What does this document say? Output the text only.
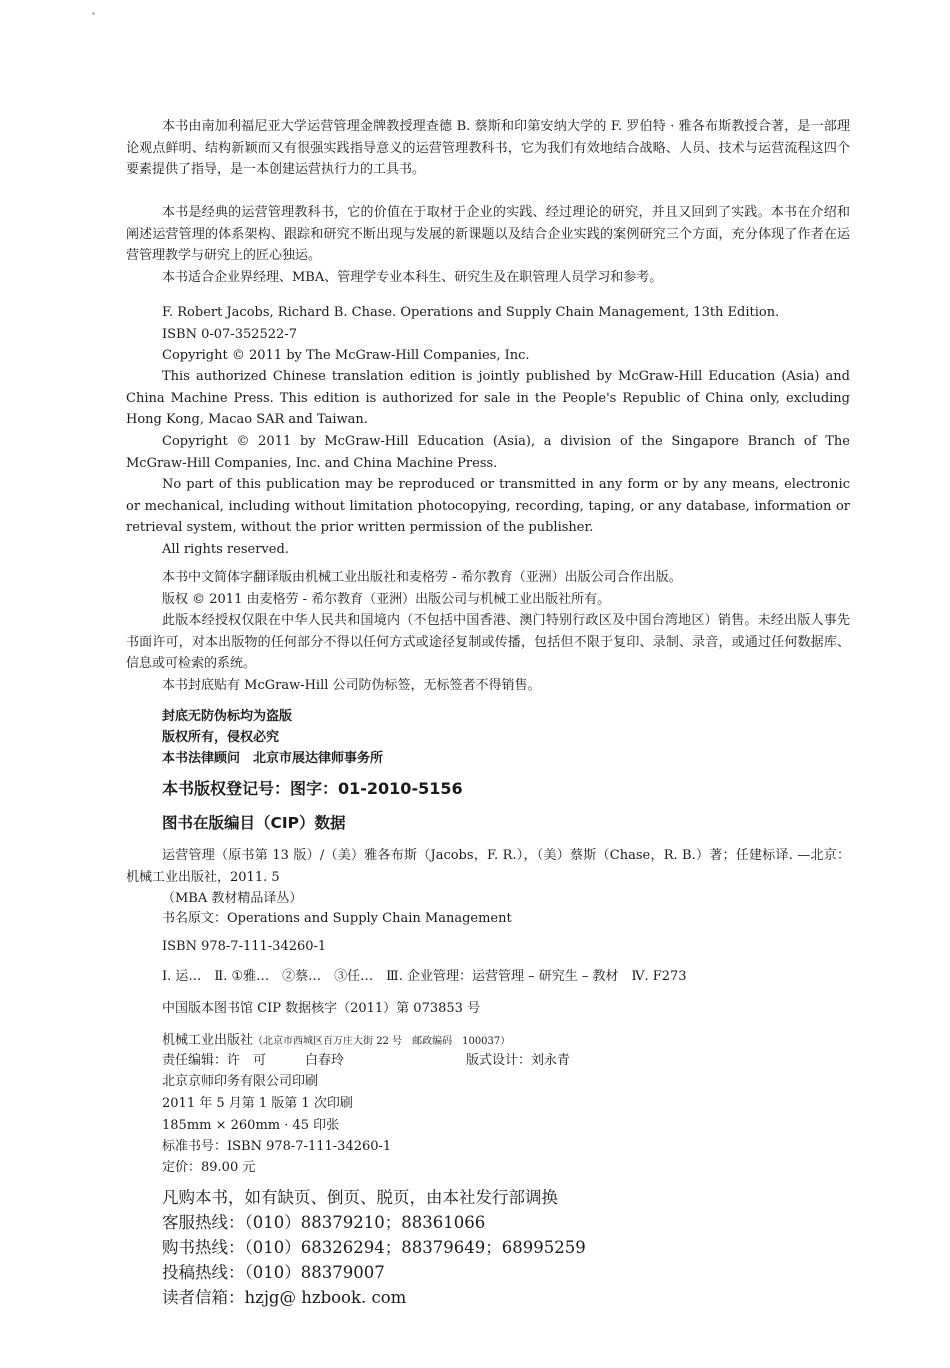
本书由南加利福尼亚大学运营管理金牌教授理查德 B. 蔡斯和印第安纳大学的 F. 罗伯特 · 雅各布斯教授合著，是一部理论观点鲜明、结构新颖而又有很强实践指导意义的运营管理教科书，它为我们有效地结合战略、人员、技术与运营流程这四个要素提供了指导，是一本创建运营执行力的工具书。
本书是经典的运营管理教科书，它的价值在于取材于企业的实践、经过理论的研究，并且又回到了实践。本书在介绍和阐述运营管理的体系架构、跟踪和研究不断出现与发展的新课题以及结合企业实践的案例研究三个方面，充分体现了作者在运营管理教学与研究上的匠心独运。
本书适合企业界经理、MBA、管理学专业本科生、研究生及在职管理人员学习和参考。
F. Robert Jacobs, Richard B. Chase. Operations and Supply Chain Management, 13th Edition.
ISBN 0-07-352522-7
Copyright © 2011 by The McGraw-Hill Companies, Inc.
This authorized Chinese translation edition is jointly published by McGraw-Hill Education (Asia) and China Machine Press. This edition is authorized for sale in the People's Republic of China only, excluding Hong Kong, Macao SAR and Taiwan.
Copyright © 2011 by McGraw-Hill Education (Asia), a division of the Singapore Branch of The McGraw-Hill Companies, Inc. and China Machine Press.
No part of this publication may be reproduced or transmitted in any form or by any means, electronic or mechanical, including without limitation photocopying, recording, taping, or any database, information or retrieval system, without the prior written permission of the publisher.
All rights reserved.
本书中文简体字翻译版由机械工业出版社和麦格劳 - 希尔教育（亚洲）出版公司合作出版。
版权 © 2011 由麦格劳 - 希尔教育（亚洲）出版公司与机械工业出版社所有。
此版本经授权仅限在中华人民共和国境内（不包括中国香港、澳门特别行政区及中国台湾地区）销售。未经出版人事先书面许可，对本出版物的任何部分不得以任何方式或途径复制或传播，包括但不限于复印、录制、录音，或通过任何数据库、信息或可检索的系统。
本书封底贴有 McGraw-Hill 公司防伪标签，无标签者不得销售。
封底无防伪标均为盗版
版权所有，侵权必究
本书法律顾问　北京市展达律师事务所
本书版权登记号：图字：01-2010-5156
图书在版编目（CIP）数据
运营管理（原书第 13 版）/（美）雅各布斯（Jacobs，F. R.），（美）蔡斯（Chase，R. B.）著；任建标译. —北京：机械工业出版社，2011. 5
（MBA 教材精品译丛）
书名原文：Operations and Supply Chain Management
ISBN 978-7-111-34260-1
Ⅰ. 运…　Ⅱ. ①雅…　②蔡…　③任…　Ⅲ. 企业管理：运营管理 – 研究生 – 教材　Ⅳ. F273
中国版本图书馆 CIP 数据核字（2011）第 073853 号
机械工业出版社（北京市西城区百万庄大街 22 号　邮政编码　100037）
责任编辑：许　可　　　白春玲	版式设计：刘永青
北京京师印务有限公司印刷
2011 年 5 月第 1 版第 1 次印刷
185mm × 260mm · 45 印张
标准书号：ISBN 978-7-111-34260-1
定价：89.00 元
凡购本书，如有缺页、倒页、脱页，由本社发行部调换
客服热线：（010）88379210；88361066
购书热线：（010）68326294；88379649；68995259
投稿热线：（010）88379007
读者信箱：hzjg@ hzbook. com
